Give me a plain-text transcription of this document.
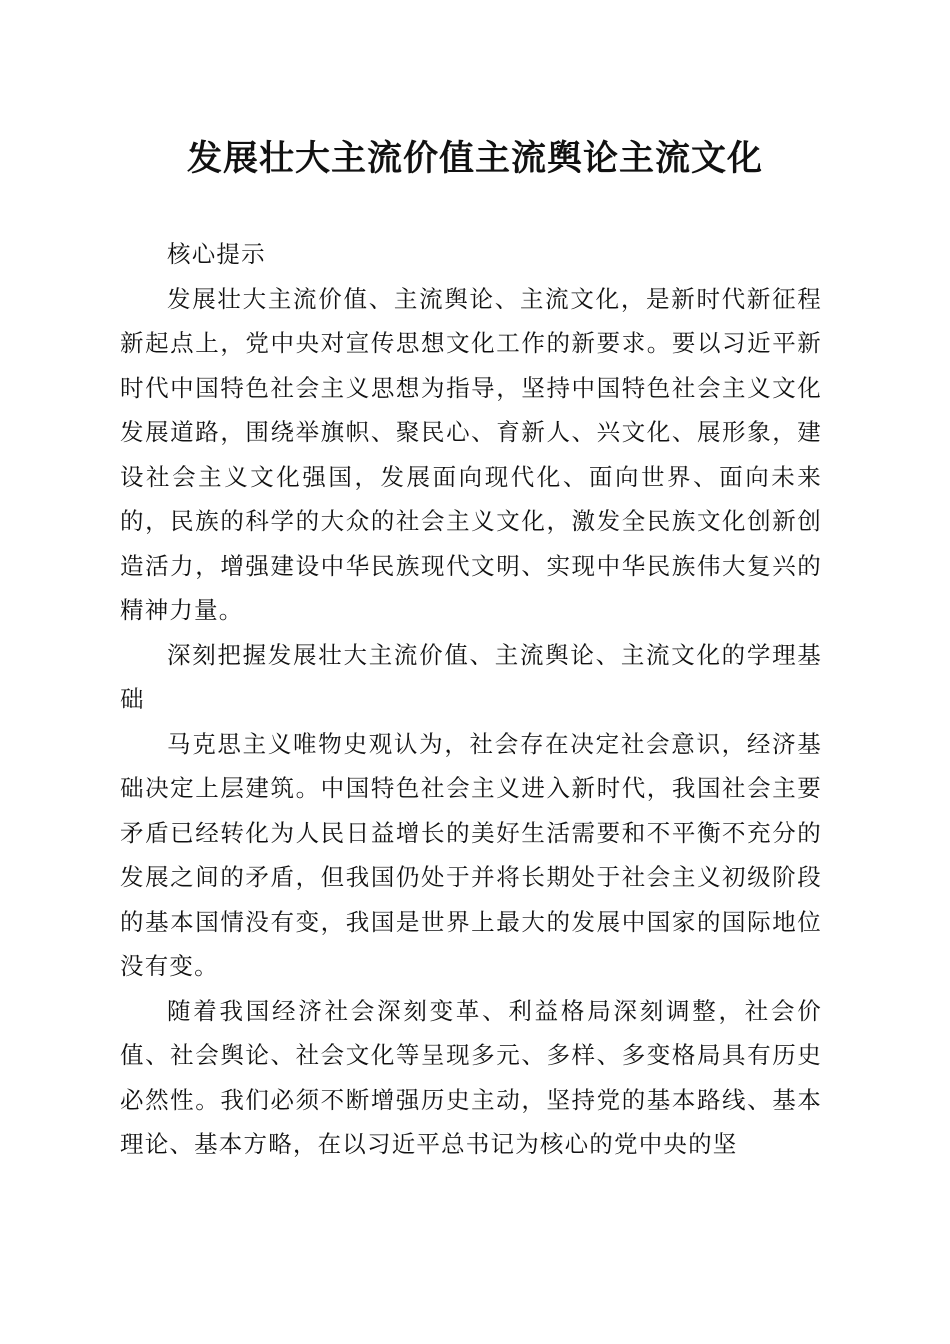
发展壮大主流价值主流舆论主流文化

核心提示

发展壮大主流价值、主流舆论、主流文化，是新时代新征程新起点上，党中央对宣传思想文化工作的新要求。要以习近平新时代中国特色社会主义思想为指导，坚持中国特色社会主义文化发展道路，围绕举旗帜、聚民心、育新人、兴文化、展形象，建设社会主义文化强国，发展面向现代化、面向世界、面向未来的，民族的科学的大众的社会主义文化，激发全民族文化创新创造活力，增强建设中华民族现代文明、实现中华民族伟大复兴的精神力量。

深刻把握发展壮大主流价值、主流舆论、主流文化的学理基础

马克思主义唯物史观认为，社会存在决定社会意识，经济基础决定上层建筑。中国特色社会主义进入新时代，我国社会主要矛盾已经转化为人民日益增长的美好生活需要和不平衡不充分的发展之间的矛盾，但我国仍处于并将长期处于社会主义初级阶段的基本国情没有变，我国是世界上最大的发展中国家的国际地位没有变。

随着我国经济社会深刻变革、利益格局深刻调整，社会价值、社会舆论、社会文化等呈现多元、多样、多变格局具有历史必然性。我们必须不断增强历史主动，坚持党的基本路线、基本理论、基本方略，在以习近平总书记为核心的党中央的坚
